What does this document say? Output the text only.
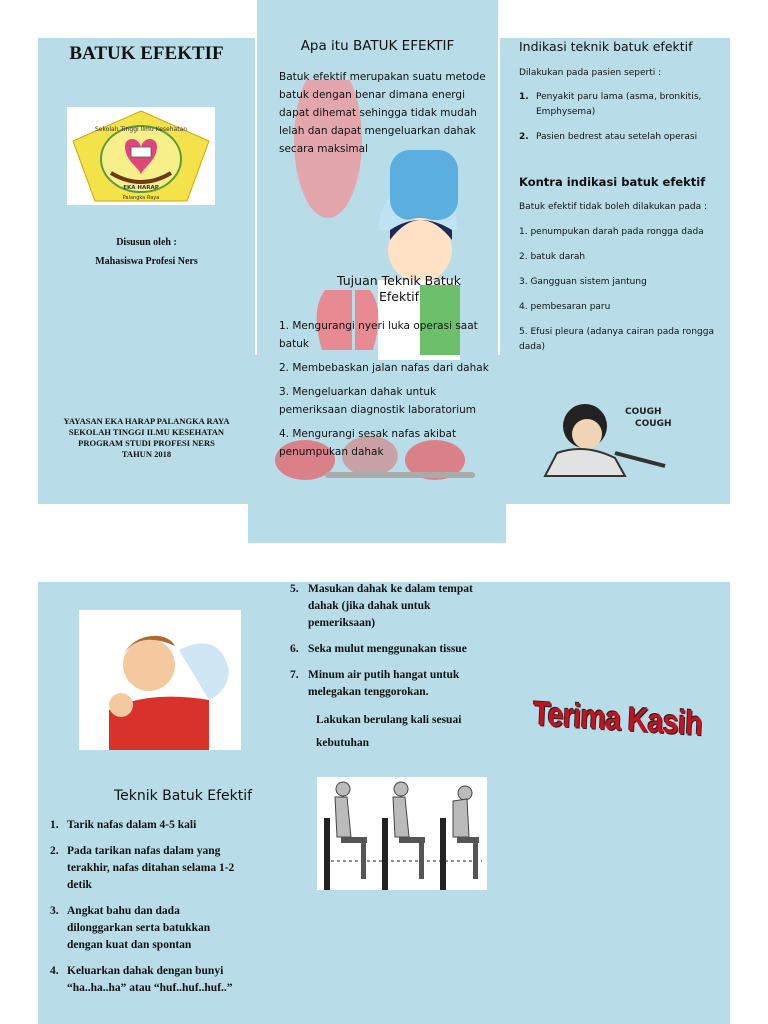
BATUK EFEKTIF
Sekolah Tinggi Ilmu Kesehatan
EKA HARAP
Palangka Raya
Disusun oleh :
Mahasiswa Profesi Ners
YAYASAN EKA HARAP PALANGKA RAYA
SEKOLAH TINGGI ILMU KESEHATAN
PROGRAM STUDI PROFESI NERS
TAHUN 2018
Apa itu BATUK EFEKTIF
Batuk efektif merupakan suatu metode batuk dengan benar dimana energi dapat dihemat sehingga tidak mudah lelah dan dapat mengeluarkan dahak secara maksimal
Tujuan Teknik Batuk Efektif
1. Mengurangi nyeri luka operasi saat batuk
2. Membebaskan jalan nafas dari dahak
3. Mengeluarkan dahak untuk pemeriksaan diagnostik laboratorium
4. Mengurangi sesak nafas akibat penumpukan dahak
Indikasi teknik batuk efektif
Dilakukan pada pasien seperti :
1. Penyakit paru lama (asma, bronkitis, Emphysema)
2. Pasien bedrest atau setelah operasi
Kontra indikasi batuk efektif
Batuk efektif tidak boleh dilakukan pada :
1. penumpukan darah pada rongga dada
2. batuk darah
3. Gangguan sistem jantung
4. pembesaran paru
5. Efusi pleura (adanya cairan pada rongga dada)
COUGH
COUGH
Teknik Batuk Efektif
1. Tarik nafas dalam 4-5 kali
2. Pada tarikan nafas dalam yang terakhir, nafas ditahan selama 1-2 detik
3. Angkat bahu dan dada dilonggarkan serta batukkan dengan kuat dan spontan
4. Keluarkan dahak dengan bunyi “ha..ha..ha” atau “huf..huf..huf..”
5. Masukan dahak ke dalam tempat dahak (jika dahak untuk pemeriksaan)
6. Seka mulut menggunakan tissue
7. Minum air putih hangat untuk melegakan tenggorokan.
Lakukan berulang kali sesuai kebutuhan	Terima Kasih
